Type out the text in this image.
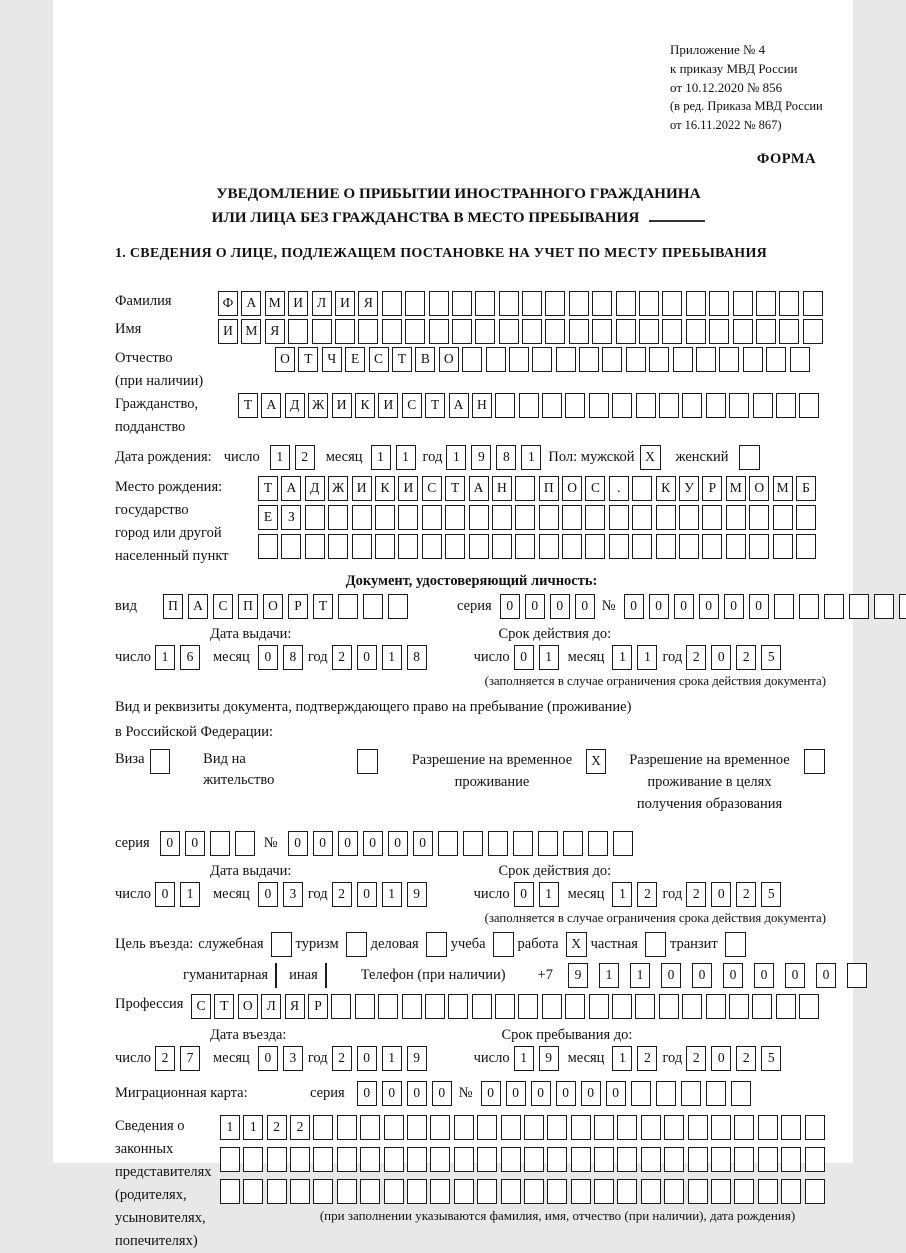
Приложение № 4
к приказу МВД России
от 10.12.2020 № 856
(в ред. Приказа МВД России
от 16.11.2022 № 867)
ФОРМА
УВЕДОМЛЕНИЕ О ПРИБЫТИИ ИНОСТРАННОГО ГРАЖДАНИНА
ИЛИ ЛИЦА БЕЗ ГРАЖДАНСТВА В МЕСТО ПРЕБЫВАНИЯ
1. СВЕДЕНИЯ О ЛИЦЕ, ПОДЛЕЖАЩЕМ ПОСТАНОВКЕ НА УЧЕТ ПО МЕСТУ ПРЕБЫВАНИЯ
Фамилия	Ф А М И	Л	И	Я
Имя	И М Я
Отчество
(при наличии)
О	Т	Ч	Е	С	Т	В	О
Гражданство,
подданство
Т	А	Д Ж И	К	И	С	Т	А	Н
Дата рождения: число	1	2	месяц	1	1 год 1	9	8	1 Пол: мужской X	женский
Место рождения:
государство
город или другой
населенный пункт
Т	А	Д Ж И	К	И	С	Т	А	Н	П	О	С	.	К	У	Р	М О М	Б
Е	З
Документ, удостоверяющий личность:
вид	П	А	С	П	О	Р	Т	серия	0	0	0	0 №	0	0	0	0	0	0
Дата выдачи:	Срок действия до:
число 1	6	месяц	0	8 год 2	0	1	8	число 0	1	месяц	1	1 год 2	0	2	5
(заполняется в случае ограничения срока действия документа)
Вид и реквизиты документа, подтверждающего право на пребывание (проживание)
в Российской Федерации:
Виза	Вид на жительство
Разрешение на временное проживание
X	Разрешение на временное проживание в целях получения образования
серия	0	0	№	0	0	0	0	0	0
Дата выдачи:	Срок действия до:
число 0	1	месяц	0	3 год 2	0	1	9	число 0	1	месяц	1	2 год 2	0	2	5
(заполняется в случае ограничения срока действия документа)
Цель въезда: служебная туризм деловая учеба работа X частная транзит
гуманитарная иная	Телефон (при наличии) +7	9	1	1	0	0	0	0	0	0
Профессия С	Т	О	Л	Я	Р
Дата въезда:	Срок пребывания до:
число 2	7	месяц	0	3 год 2	0	1	9	число 1	9	месяц	1	2 год 2	0	2	5

Миграционная карта:	серия	0	0	0	0 №	0	0	0	0	0	0
Сведения о
законных
представителях
(родителях,
усыновителях,
попечителях)
1	1	2	2
(при заполнении указываются фамилия, имя, отчество (при наличии), дата рождения)
